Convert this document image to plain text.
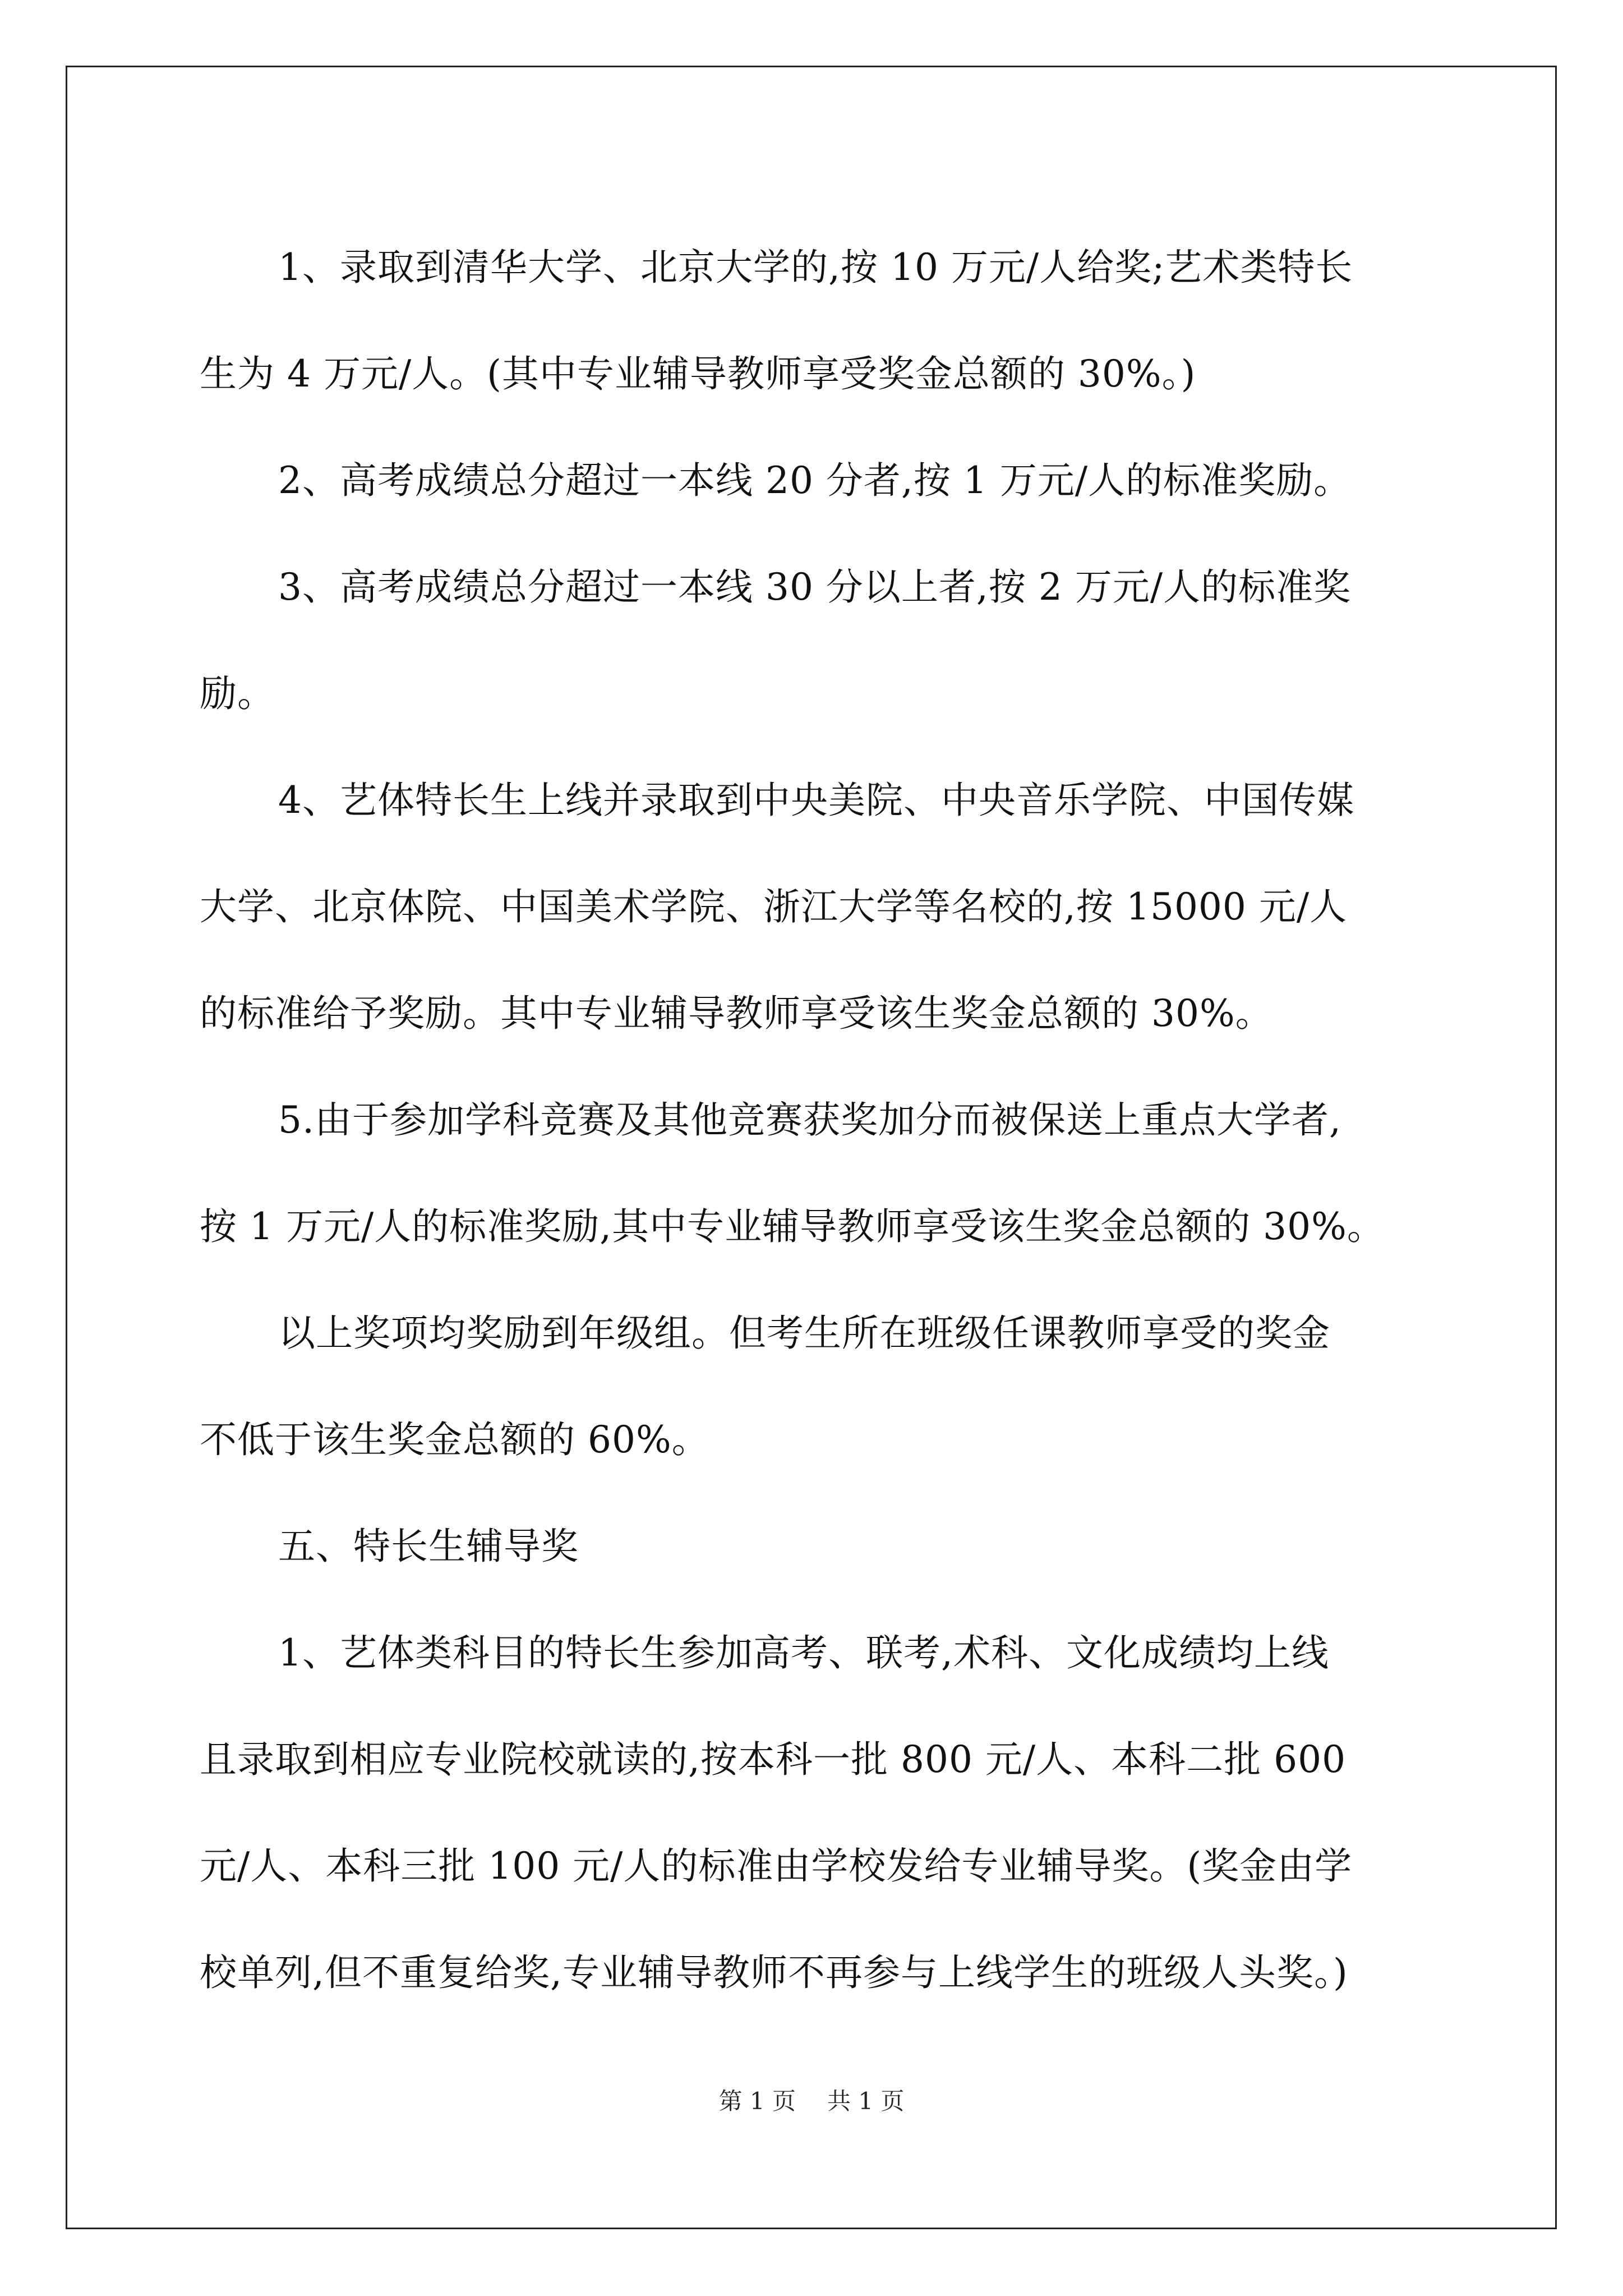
1、录取到清华大学、北京大学的,按 10 万元/人给奖;艺术类特长
生为 4 万元/人。(其中专业辅导教师享受奖金总额的 30%。)
2、高考成绩总分超过一本线 20 分者,按 1 万元/人的标准奖励。
3、高考成绩总分超过一本线 30 分以上者,按 2 万元/人的标准奖
励。
4、艺体特长生上线并录取到中央美院、中央音乐学院、中国传媒
大学、北京体院、中国美术学院、浙江大学等名校的,按 15000 元/人
的标准给予奖励。其中专业辅导教师享受该生奖金总额的 30%。
5.由于参加学科竞赛及其他竞赛获奖加分而被保送上重点大学者,
按 1 万元/人的标准奖励,其中专业辅导教师享受该生奖金总额的 30%。
以上奖项均奖励到年级组。但考生所在班级任课教师享受的奖金
不低于该生奖金总额的 60%。
五、特长生辅导奖
1、艺体类科目的特长生参加高考、联考,术科、文化成绩均上线
且录取到相应专业院校就读的,按本科一批 800 元/人、本科二批 600
元/人、本科三批 100 元/人的标准由学校发给专业辅导奖。(奖金由学
校单列,但不重复给奖,专业辅导教师不再参与上线学生的班级人头奖。)
第 1 页 共 1 页
